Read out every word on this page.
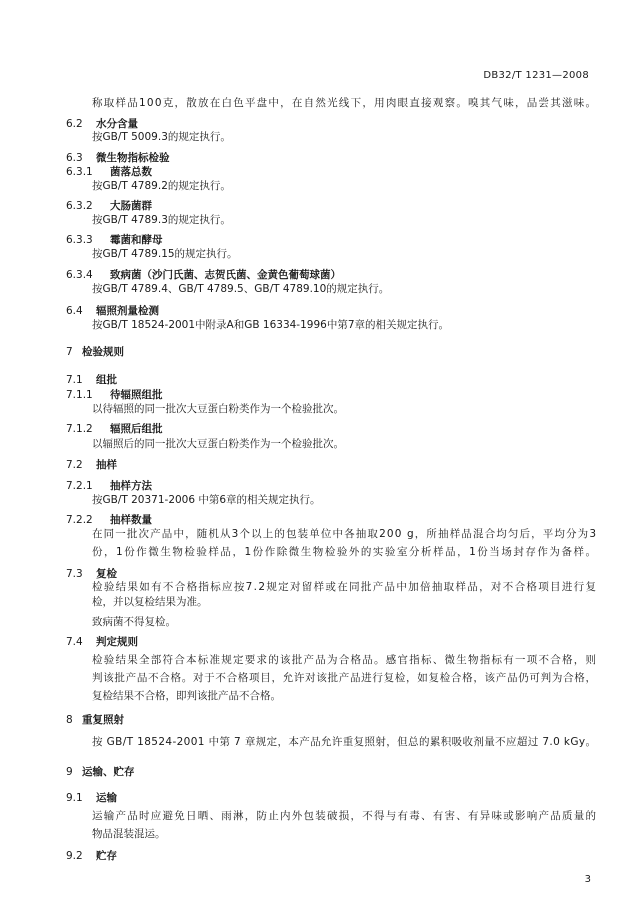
DB32/T 1231—2008
称取样品100克，散放在白色平盘中，在自然光线下，用肉眼直接观察。嗅其气味，品尝其滋味。
6.2 水分含量
按GB/T 5009.3的规定执行。
6.3 微生物指标检验
6.3.1 菌落总数
按GB/T 4789.2的规定执行。
6.3.2 大肠菌群
按GB/T 4789.3的规定执行。
6.3.3 霉菌和酵母
按GB/T 4789.15的规定执行。
6.3.4 致病菌（沙门氏菌、志贺氏菌、金黄色葡萄球菌）
按GB/T 4789.4、GB/T 4789.5、GB/T 4789.10的规定执行。
6.4 辐照剂量检测
按GB/T 18524-2001中附录A和GB 16334-1996中第7章的相关规定执行。
7 检验规则
7.1 组批
7.1.1 待辐照组批
以待辐照的同一批次大豆蛋白粉类作为一个检验批次。
7.1.2 辐照后组批
以辐照后的同一批次大豆蛋白粉类作为一个检验批次。
7.2 抽样
7.2.1 抽样方法
按GB/T 20371-2006 中第6章的相关规定执行。
7.2.2 抽样数量
在同一批次产品中，随机从3个以上的包装单位中各抽取200 g，所抽样品混合均匀后，平均分为3
份，1份作微生物检验样品，1份作除微生物检验外的实验室分析样品，1份当场封存作为备样。
7.3 复检
检验结果如有不合格指标应按7.2规定对留样或在同批产品中加倍抽取样品，对不合格项目进行复
检，并以复检结果为准。
致病菌不得复检。
7.4 判定规则
检验结果全部符合本标准规定要求的该批产品为合格品。感官指标、微生物指标有一项不合格，则
判该批产品不合格。对于不合格项目，允许对该批产品进行复检，如复检合格，该产品仍可判为合格，
复检结果不合格，即判该批产品不合格。
8 重复照射
按 GB/T 18524-2001 中第 7 章规定，本产品允许重复照射，但总的累积吸收剂量不应超过 7.0 kGy。
9 运输、贮存
9.1 运输
运输产品时应避免日晒、雨淋，防止内外包装破损，不得与有毒、有害、有异味或影响产品质量的
物品混装混运。
9.2 贮存
3
